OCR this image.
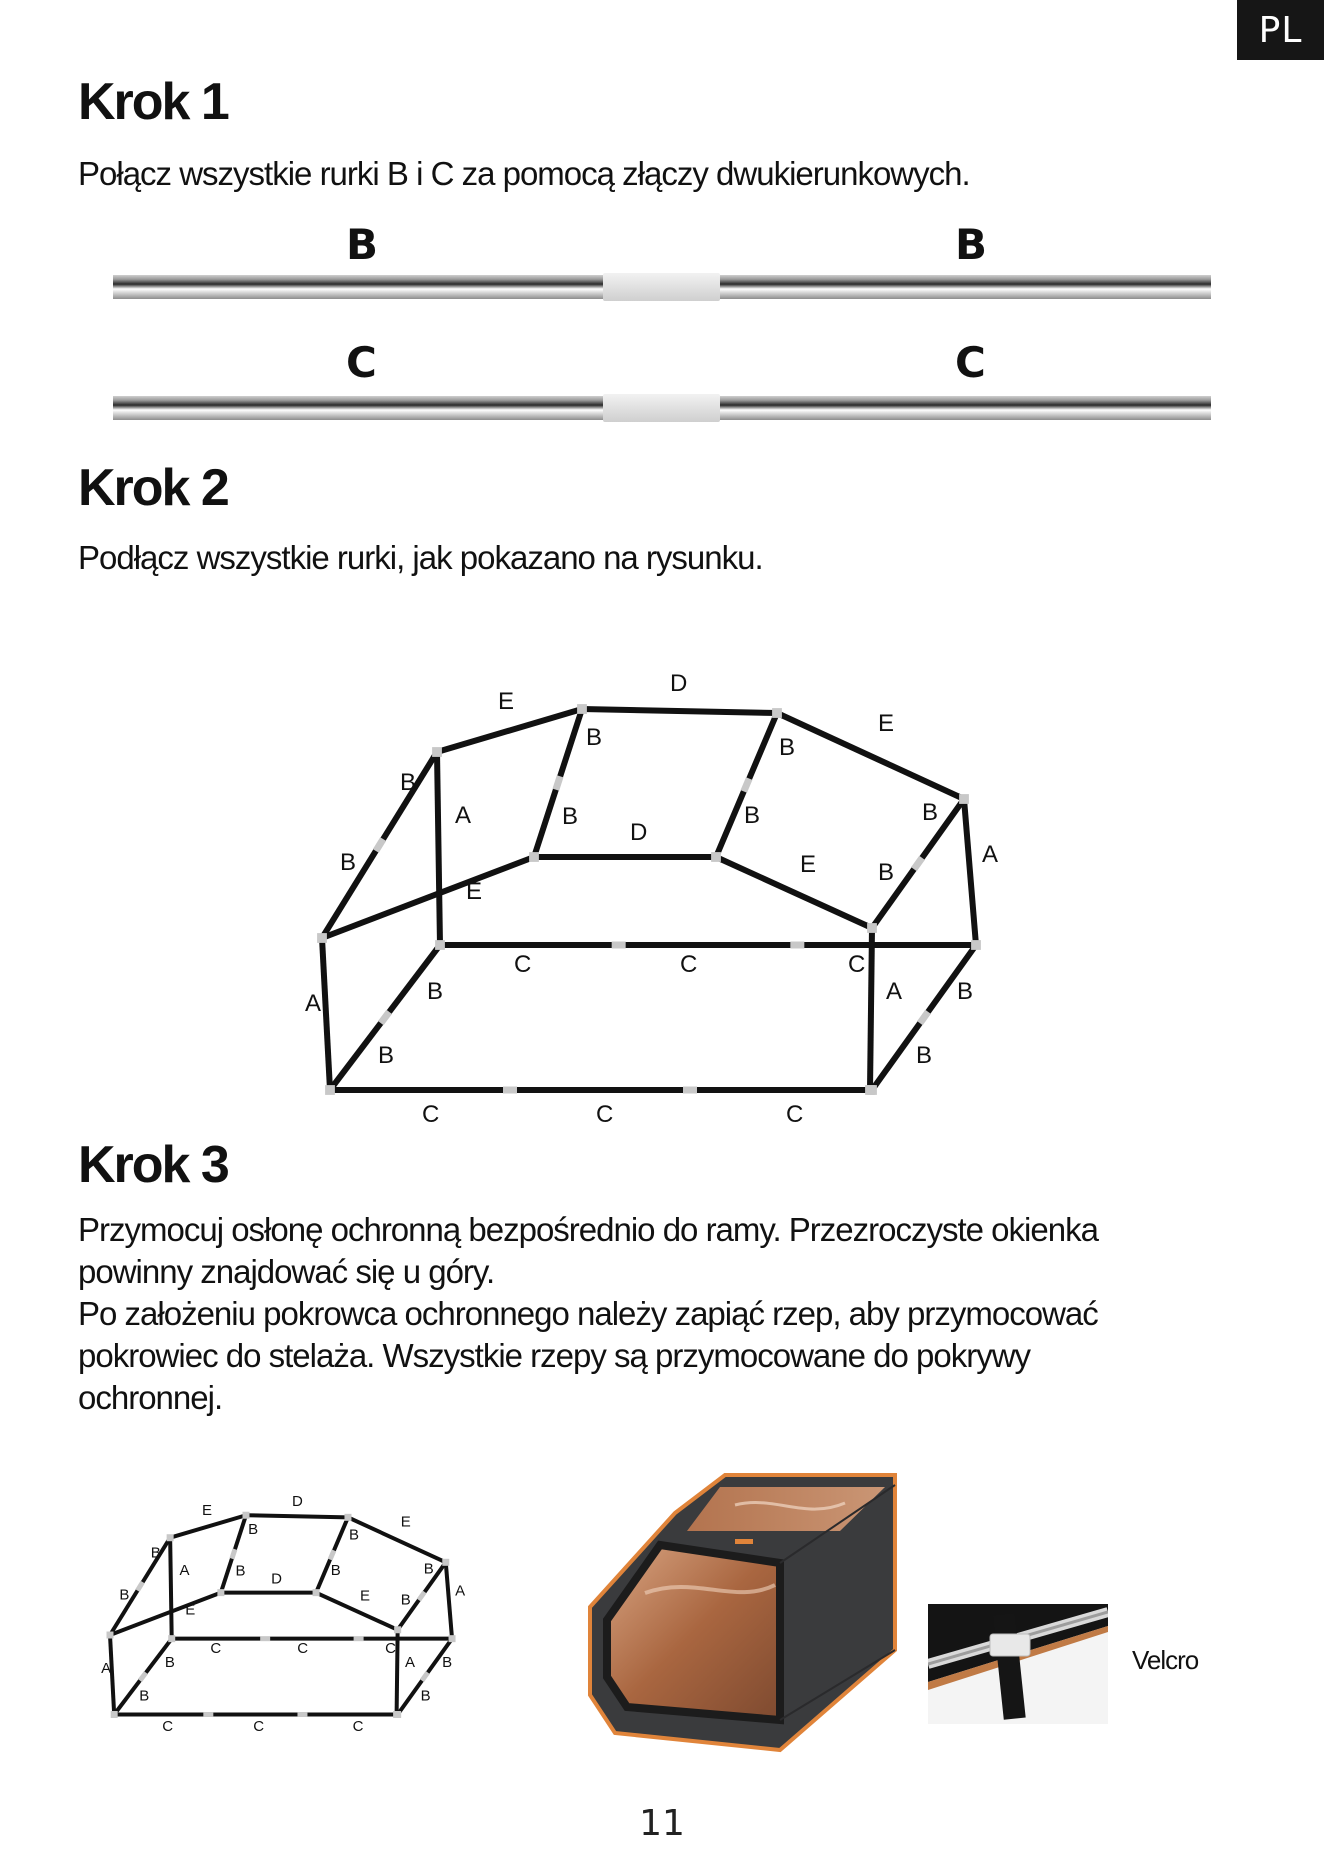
PL
Krok 1

Połącz wszystkie rurki B i C za pomocą złączy dwukierunkowych.

B	B
C	C
Krok 2

Podłącz wszystkie rurki, jak pokazano na rysunku.

B
B
E
D
E
A
A
A
B
B
B
B
D
E
E
B
B
C	C	C
A B
B
B
B
C	C	C
Krok 3

Przymocuj osłonę ochronną bezpośrednio do ramy. Przezroczyste okienka
powinny znajdować się u góry.
Po założeniu pokrowca ochronnego należy zapiąć rzep, aby przymocować
pokrowiec do stelaża. Wszystkie rzepy są przymocowane do pokrywy
ochronnej.

B
B
E
D
E
A
A
A
B
B
B
B
D
E
E
B
B
C	C	C
A B
B
B
B
C	C	C
Velcro
11
